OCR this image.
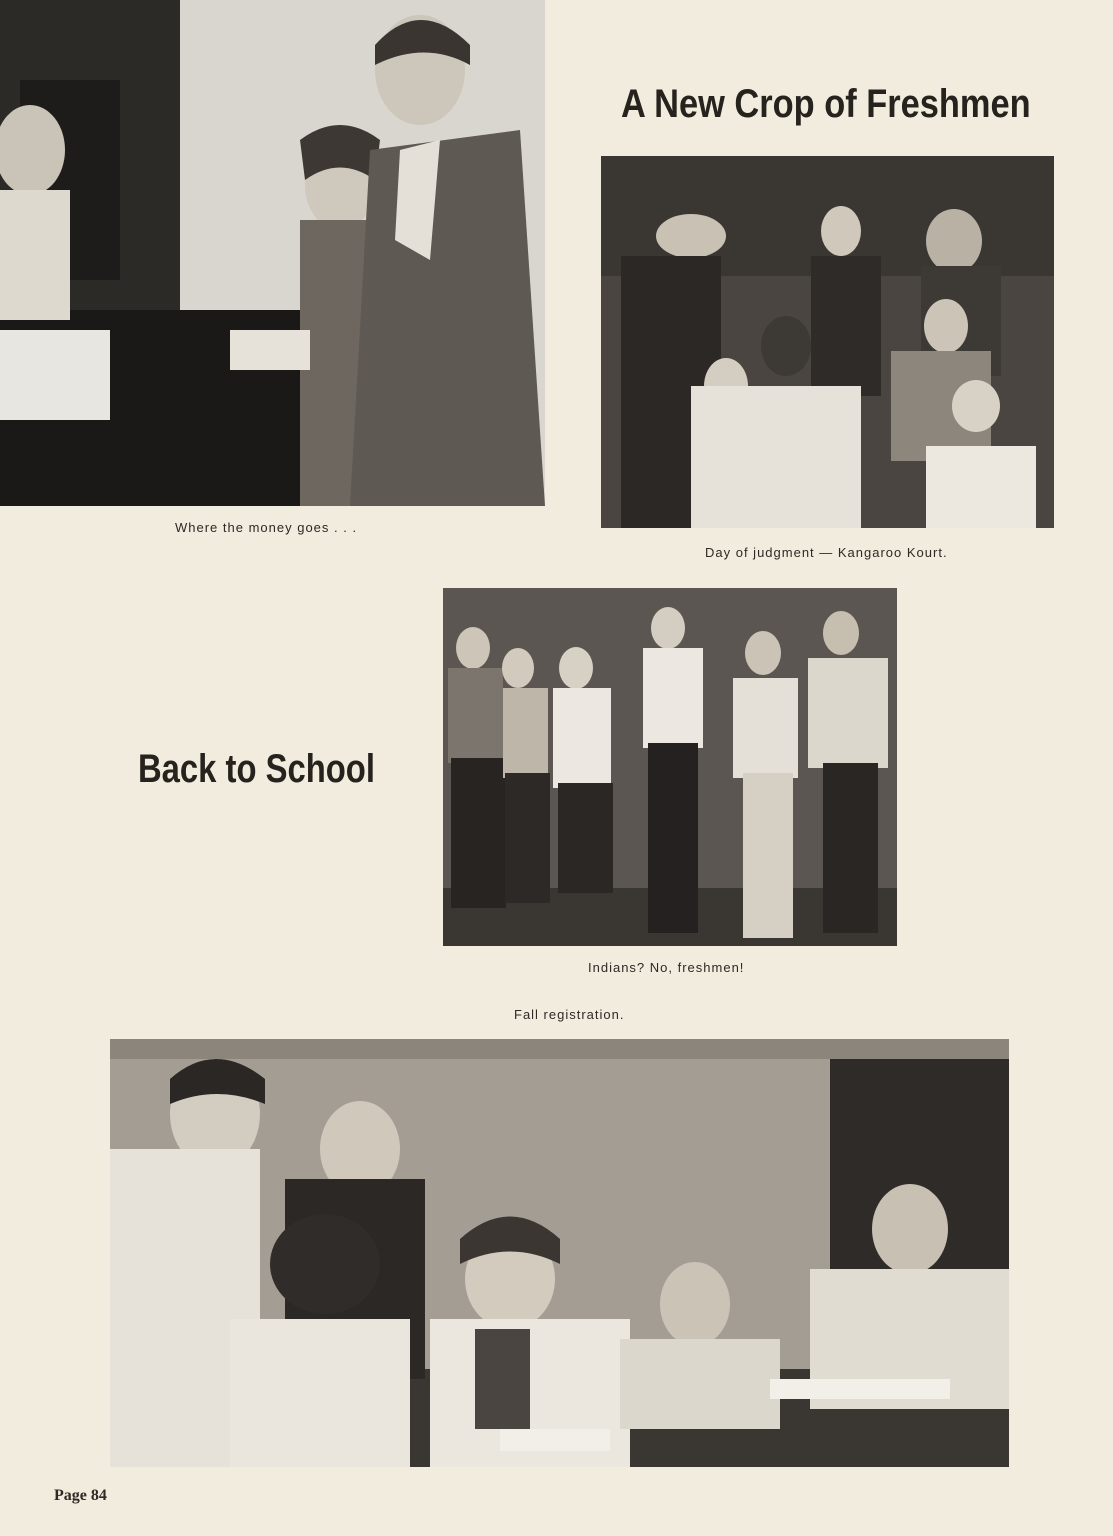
A New Crop of Freshmen
Where the money goes . . .
Day of judgment — Kangaroo Kourt.
Back to School
Indians? No, freshmen!
Fall registration.
Page 84
